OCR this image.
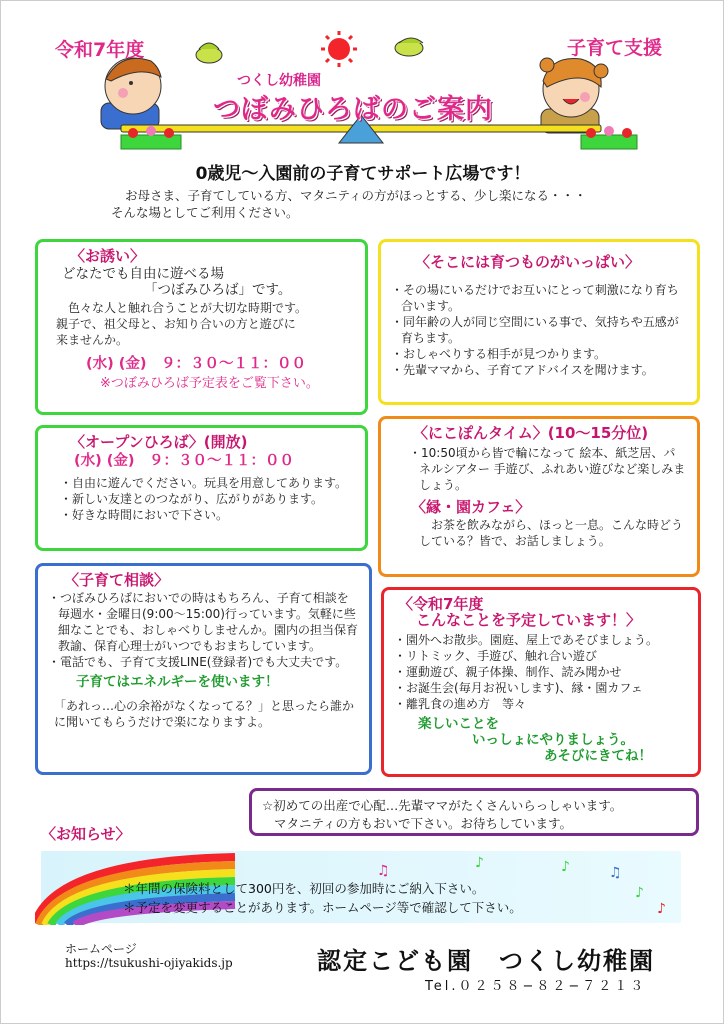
令和7年度	子育て支援
つくし幼稚園
つぼみひろばのご案内
0歳児〜入園前の子育てサポート広場です！
お母さま、子育てしている方、マタニティの方がほっとする、少し楽になる・・・
そんな場としてご利用ください。
〈お誘い〉
どなたでも自由に遊べる場
「つぼみひろば」です。
色々な人と触れ合うことが大切な時期です。
親子で、祖父母と、お知り合いの方と遊びに
来ませんか。
(水) (金)　９：３０〜１１：００
※つぼみひろば予定表をご覧下さい。
〈そこには育つものがいっぱい〉
・ その場にいるだけでお互いにとって刺激になり育ち合います。
・ 同年齢の人が同じ空間にいる事で、気持ちや五感が育ちます。
・ おしゃべりする相手が見つかります。
・ 先輩ママから、子育てアドバイスを聞けます。
〈オープンひろば〉(開放)
(水) (金)　９：３０〜１１：００
・ 自由に遊んでください。玩具を用意してあります。
・ 新しい友達とのつながり、広がりがあります。
・ 好きな時間においで下さい。
〈にこぽんタイム〉(10〜15分位)
・ 10:50頃から皆で輪になって 絵本、紙芝居、パネルシアター 手遊び、ふれあい遊びなど楽しみましょう。
〈縁・園カフェ〉
お茶を飲みながら、ほっと一息。こんな時どうしている？皆で、お話しましょう。
〈子育て相談〉
・ つぼみひろばにおいでの時はもちろん、子育て相談を毎週水・金曜日(9:00〜15:00)行っています。気軽に些細なことでも、おしゃべりしませんか。園内の担当保育教諭、保育心理士がいつでもおまちしています。
・ 電話でも、子育て支援LINE(登録者)でも大丈夫です。
子育てはエネルギーを使います！
「あれっ…心の余裕がなくなってる？」と思ったら誰かに聞いてもらうだけで楽になりますよ。
〈令和7年度
こんなことを予定しています！〉
・ 園外へお散歩。園庭、屋上であそびましょう。
・ リトミック、手遊び、触れ合い遊び
・ 運動遊び、親子体操、制作、読み聞かせ
・ お誕生会(毎月お祝いします)、縁・園カフェ
・ 離乳食の進め方　等々
楽しいことを
いっしょにやりましょう。
あそびにきてね！
☆初めての出産で心配…先輩ママがたくさんいらっしゃいます。
マタニティの方もおいで下さい。お待ちしています。
〈お知らせ〉
♫	♪	♪	♫
♪
♪
＊年間の保険料として300円を、初回の参加時にご納入下さい。
＊予定を変更することがあります。ホームページ等で確認して下さい。
ホームページ
https://tsukushi-ojiyakids.jp	認定こども園　つくし幼稚園
Tel.０２５８−８２−７２１３
